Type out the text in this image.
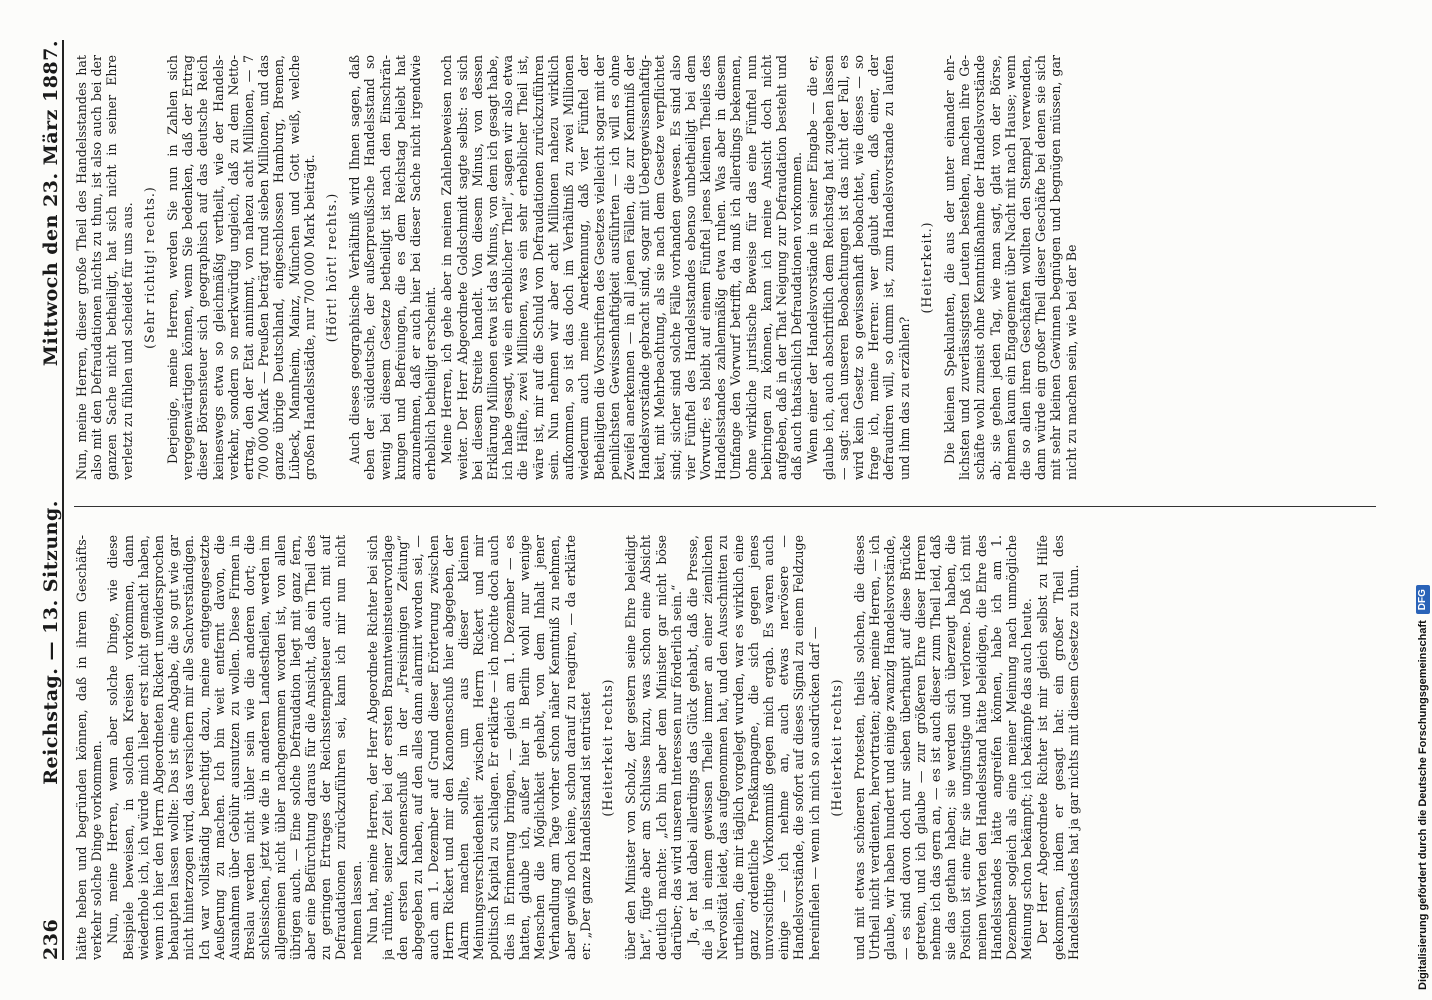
236
Reichstag. — 13. Sitzung.
Mittwoch den 23. März 1887.

hätte heben und begründen können, daß in ihrem Geschäftsverkehr solche Dinge vorkommen. Nun, meine Herren, wenn aber solche Dinge, wie diese Beispiele beweisen, in solchen Kreisen vorkommen, dann wiederhole ich, ich würde mich lieber erst nicht gemacht haben, wenn ich hier den Herrn Abgeordneten Rickert unwidersprochen behaupten lassen wollte: Das ist eine Abgabe, die so gut wie gar nicht hinterzogen wird, das versichern mir alle Sachverständigen. Ich war vollständig berechtigt dazu, meine entgegengesetzte Aeußerung zu machen. Ich bin weit entfernt davon, die Ausnahmen über Gebühr ausnutzen zu wollen. Diese Firmen in Breslau werden nicht übler sein wie die anderen dort; die schlesischen, jetzt wie die in anderen Landestheilen, werden im allgemeinen nicht übler nachgenommen worden ist, von allen übrigen auch. — Eine solche Defraudation liegt mit ganz fern, aber eine Befürchtung daraus für die Ansicht, daß ein Theil des zu geringen Ertrages der Reichsstempelsteuer auch mit auf Defraudationen zurückzuführen sei, kann ich mir nun nicht nehmen lassen. Nun hat, meine Herren, der Herr Abgeordnete Richter bei sich ja rühmte, seiner Zeit bei der ersten Branntweinsteuervorlage den ersten Kanonenschuß in der „Freisinnigen Zeitung“ abgegeben zu haben, auf den alles dann alarmirt worden sei, — auch am 1. Dezember auf Grund dieser Erörterung zwischen Herrn Rickert und mir den Kanonenschuß hier abgegeben, der Alarm machen sollte, um aus dieser kleinen Meinungsverschiedenheit zwischen Herrn Rickert und mir politisch Kapital zu schlagen. Er erklärte — ich möchte doch auch dies in Erinnerung bringen, — gleich am 1. Dezember — es hatten, glaube ich, außer hier in Berlin wohl nur wenige Menschen die Möglichkeit gehabt, von dem Inhalt jener Verhandlung am Tage vorher schon näher Kenntniß zu nehmen, aber gewiß noch keine, schon darauf zu reagiren, — da erklärte er: „Der ganze Handelsstand ist entrüstet (Heiterkeit rechts) über den Minister von Scholz, der gestern seine Ehre beleidigt hat“, fügte aber am Schlusse hinzu, was schon eine Absicht deutlich machte: „Ich bin aber dem Minister gar nicht böse darüber; das wird unseren Interessen nur förderlich sein.“ Ja, er hat dabei allerdings das Glück gehabt, daß die Presse, die ja in einem gewissen Theile immer an einer ziemlichen Nervosität leidet, das aufgenommen hat, und den Ausschnitten zu urtheilen, die mir täglich vorgelegt wurden, war es wirklich eine ganz ordentliche Preßkampagne, die sich gegen jenes unvorsichtige Vorkommniß gegen mich ergab. Es waren auch einige — ich nehme an, auch etwas nervösere — Handelsvorstände, die sofort auf dieses Signal zu einem Feldzuge hereinfielen — wenn ich mich so ausdrücken darf — (Heiterkeit rechts) und mit etwas schöneren Protesten, theils solchen, die dieses Urtheil nicht verdienten, hervortraten; aber, meine Herren, — ich glaube, wir haben hundert und einige zwanzig Handelsvorstände, — es sind davon doch nur sieben überhaupt auf diese Brücke getreten, und ich glaube — zur größeren Ehre dieser Herren nehme ich das gern an, — es ist auch dieser zum Theil leid, daß sie das gethan haben; sie werden sich überzeugt haben, die Position ist eine für sie ungünstige und verlorene. Daß ich mit meinen Worten den Handelsstand hätte beleidigen, die Ehre des Handelsstandes hätte angreifen können, habe ich am 1. Dezember sogleich als eine meiner Meinung nach unmögliche Meinung schon bekämpft; ich bekämpfe das auch heute. Der Herr Abgeordnete Richter ist mir gleich selbst zu Hilfe gekommen, indem er gesagt hat: ein großer Theil des Handelsstandes hat ja gar nichts mit diesem Gesetze zu thun.

Nun, meine Herren, dieser große Theil des Handelsstandes hat also mit den Defraudationen nichts zu thun, ist also auch bei der ganzen Sache nicht betheiligt, hat sich nicht in seiner Ehre verletzt zu fühlen und scheidet für uns aus. (Sehr richtig! rechts.) Derjenige, meine Herren, werden Sie nun in Zahlen sich vergegenwärtigen können, wenn Sie bedenken, daß der Ertrag dieser Börsensteuer sich geographisch auf das deutsche Reich keineswegs etwa so gleichmäßig vertheilt, wie der Handelsverkehr, sondern so merkwürdig ungleich, daß zu dem Nettoertrag, den der Etat annimmt, von nahezu acht Millionen, — 7 700 000 Mark — Preußen beträgt rund sieben Millionen, und das ganze übrige Deutschland, eingeschlossen Hamburg, Bremen, Lübeck, Mannheim, Mainz, München und Gott weiß, welche großen Handelsstädte, nur 700 000 Mark beiträgt. (Hört! hört! rechts.) Auch dieses geographische Verhältniß wird Ihnen sagen, daß eben der süddeutsche, der außerpreußische Handelsstand so wenig bei diesem Gesetze betheiligt ist nach den Einschränkungen und Befreiungen, die es dem Reichstag beliebt hat anzunehmen, daß er auch hier bei dieser Sache nicht irgendwie erheblich betheiligt erscheint. Meine Herren, ich gehe aber in meinen Zahlenbeweisen noch weiter. Der Herr Abgeordnete Goldschmidt sagte selbst: es sich bei diesem Streite handelt. Von diesem Minus, von dessen Erklärung Millionen etwa ist das Minus, von dem ich gesagt habe, ich habe gesagt, wie ein erheblicher Theil“, sagen wir also etwa die Hälfte, zwei Millionen, was ein sehr erheblicher Theil ist, wäre ist, mir auf die Schuld von Defraudationen zurückzuführen sein. Nun nehmen wir aber acht Millionen nahezu wirklich aufkommen, so ist das doch im Verhältniß zu zwei Millionen wiederum auch meine Anerkennung, daß vier Fünftel der Betheiligten die Vorschriften des Gesetzes vielleicht sogar mit der peinlichsten Gewissenhaftigkeit ausführten — ich will es ohne Zweifel anerkennen — in all jenen Fällen, die zur Kenntniß der Handelsvorstände gebracht sind, sogar mit Uebergewissenhaftigkeit, mit Mehrbeachtung, als sie nach dem Gesetze verpflichtet sind; sicher sind solche Fälle vorhanden gewesen. Es sind also vier Fünftel des Handelsstandes ebenso unbetheiligt bei dem Vorwurfe; es bleibt auf einem Fünftel jenes kleinen Theiles des Handelsstandes zahlenmäßig etwa ruhen. Was aber in diesem Umfange den Vorwurf betrifft, da muß ich allerdings bekennen, ohne wirkliche juristische Beweise für das eine Fünftel nun beibringen zu können, kann ich meine Ansicht doch nicht aufgeben, daß in der That Neigung zur Defraudation besteht und daß auch thatsächlich Defraudationen vorkommen. Wenn einer der Handelsvorstände in seiner Eingabe — die er, glaube ich, auch abschriftlich dem Reichstag hat zugehen lassen — sagt: nach unseren Beobachtungen ist das nicht der Fall, es wird kein Gesetz so gewissenhaft beobachtet, wie dieses — so frage ich, meine Herren: wer glaubt denn, daß einer, der defraudiren will, so dumm ist, zum Handelsvorstande zu laufen und ihm das zu erzählen?

(Heiterkeit.) Die kleinen Spekulanten, die aus der unter einander ehrlichsten und zuverlässigsten Leuten bestehen, machen ihre Geschäfte wohl zumeist ohne Kenntnißnahme der Handelsvorstände ab; sie gehen jeden Tag, wie man sagt, glatt von der Börse, nehmen kaum ein Engagement über Nacht mit nach Hause; wenn die so allen ihren Geschäften wollten den Stempel verwenden, dann würde ein großer Theil dieser Geschäfte bei denen sie sich mit sehr kleinen Gewinnen begnügen und begnügen müssen, gar nicht zu machen sein, wie bei der Be

Digitalisierung gefördert durch die Deutsche Forschungsgemeinschaft
DFG
